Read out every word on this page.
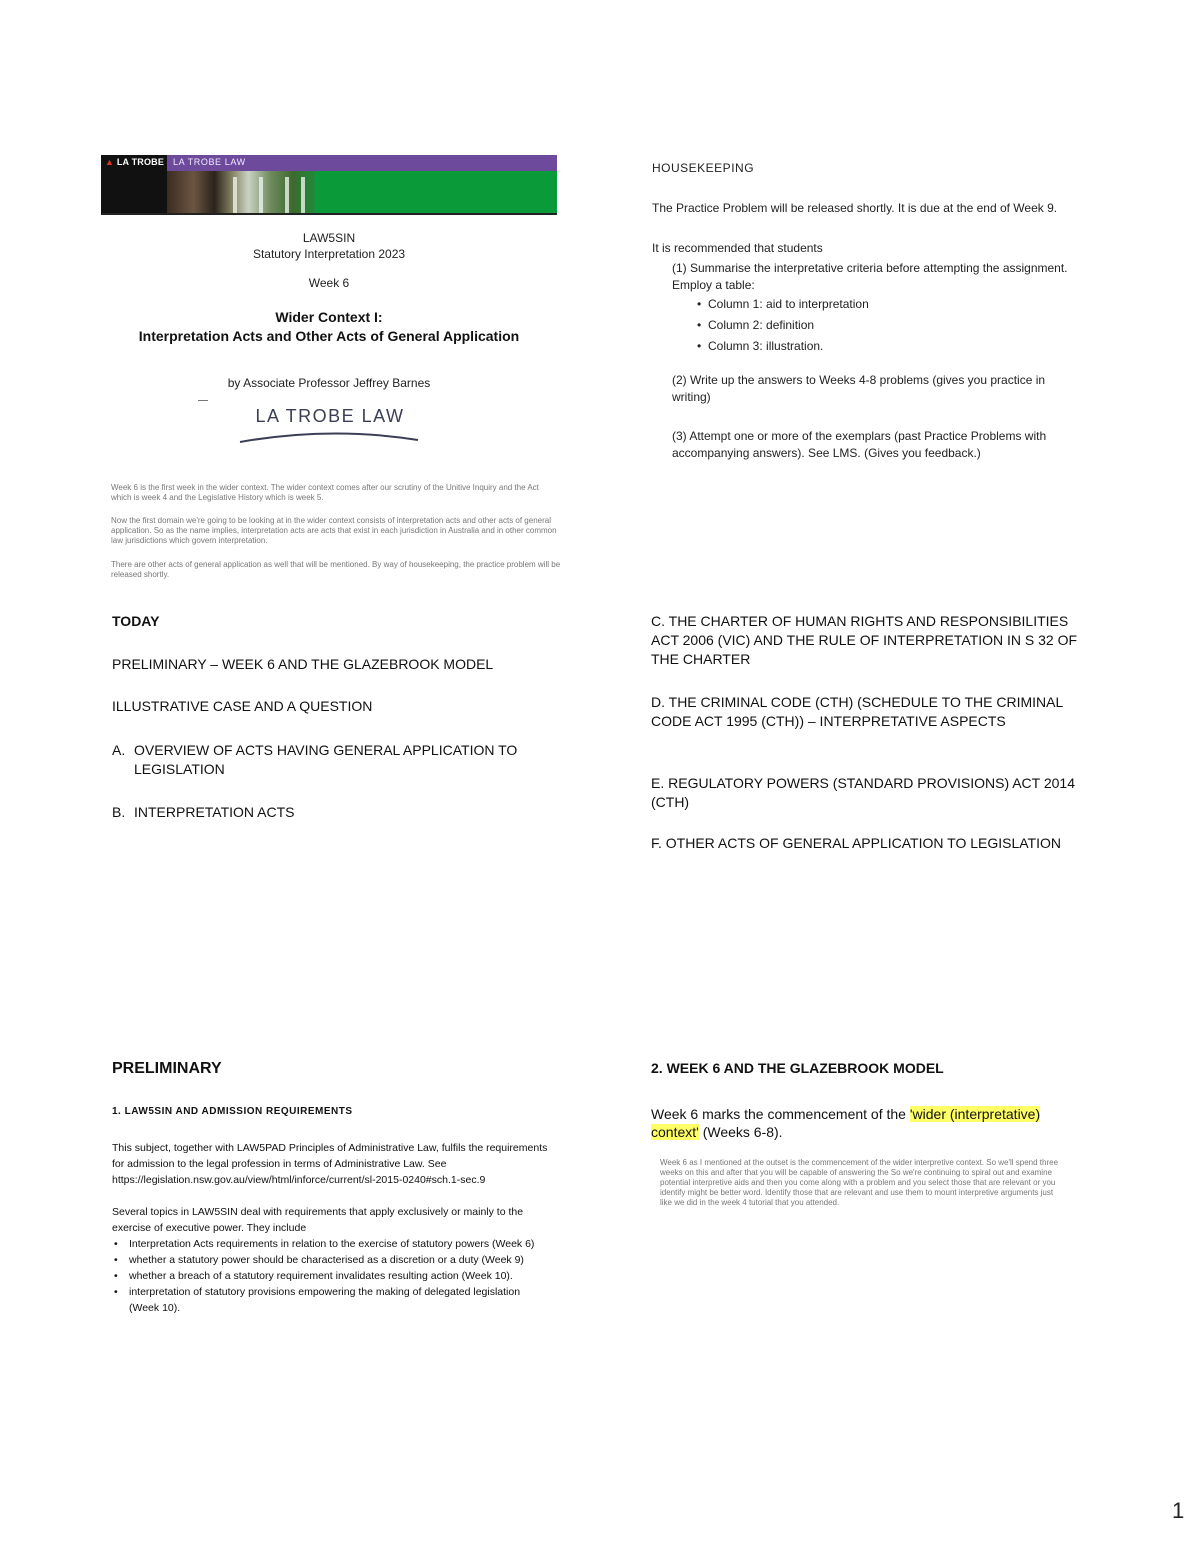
▲ LA TROBE LA TROBE LAW
LAW5SIN
Statutory Interpretation 2023
Week 6
Wider Context I:
Interpretation Acts and Other Acts of General Application
by Associate Professor Jeffrey Barnes
LA TROBE LAW
Week 6 is the first week in the wider context. The wider context comes after our scrutiny of the Unitive Inquiry and the Act which is week 4 and the Legislative History which is week 5.
Now the first domain we're going to be looking at in the wider context consists of interpretation acts and other acts of general application. So as the name implies, interpretation acts are acts that exist in each jurisdiction in Australia and in other common law jurisdictions which govern interpretation.
There are other acts of general application as well that will be mentioned. By way of housekeeping, the practice problem will be released shortly.

HOUSEKEEPING

The Practice Problem will be released shortly. It is due at the end of Week 9.

It is recommended that students

(1) Summarise the interpretative criteria before attempting the assignment. Employ a table:

• Column 1: aid to interpretation
• Column 2: definition
• Column 3: illustration.

(2) Write up the answers to Weeks 4-8 problems (gives you practice in writing)

(3) Attempt one or more of the exemplars (past Practice Problems with accompanying answers). See LMS. (Gives you feedback.)

TODAY
PRELIMINARY – WEEK 6 AND THE GLAZEBROOK MODEL
ILLUSTRATIVE CASE AND A QUESTION
A. OVERVIEW OF ACTS HAVING GENERAL APPLICATION TO LEGISLATION
B. INTERPRETATION ACTS
C. THE CHARTER OF HUMAN RIGHTS AND RESPONSIBILITIES ACT 2006 (VIC) AND THE RULE OF INTERPRETATION IN S 32 OF THE CHARTER
D. THE CRIMINAL CODE (CTH) (SCHEDULE TO THE CRIMINAL CODE ACT 1995 (CTH)) – INTERPRETATIVE ASPECTS
E. REGULATORY POWERS (STANDARD PROVISIONS) ACT 2014 (CTH)
F. OTHER ACTS OF GENERAL APPLICATION TO LEGISLATION
PRELIMINARY
1. LAW5SIN AND ADMISSION REQUIREMENTS

This subject, together with LAW5PAD Principles of Administrative Law, fulfils the requirements for admission to the legal profession in terms of Administrative Law. See

https://legislation.nsw.gov.au/view/html/inforce/current/sl-2015-0240#sch.1-sec.9

Several topics in LAW5SIN deal with requirements that apply exclusively or mainly to the exercise of executive power. They include

• Interpretation Acts requirements in relation to the exercise of statutory powers (Week 6)
• whether a statutory power should be characterised as a discretion or a duty (Week 9)
• whether a breach of a statutory requirement invalidates resulting action (Week 10).
• interpretation of statutory provisions empowering the making of delegated legislation (Week 10).
2. WEEK 6 AND THE GLAZEBROOK MODEL
Week 6 marks the commencement of the 'wider (interpretative) context' (Weeks 6-8).
Week 6 as I mentioned at the outset is the commencement of the wider interpretive context. So we'll spend three weeks on this and after that you will be capable of answering the So we're continuing to spiral out and examine potential interpretive aids and then you come along with a problem and you select those that are relevant or you identify might be better word. Identify those that are relevant and use them to mount interpretive arguments just like we did in the week 4 tutorial that you attended.
1
